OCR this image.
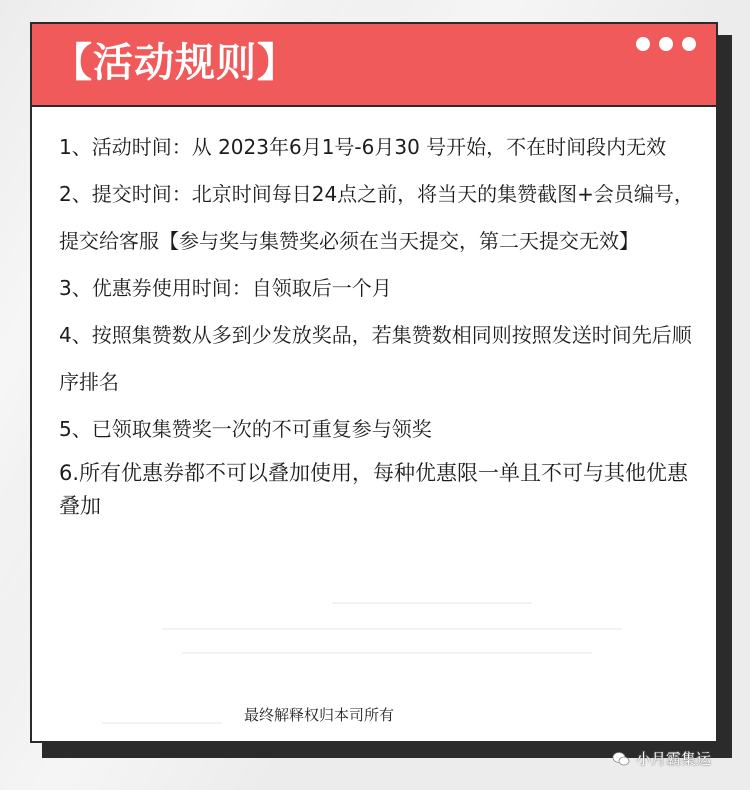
【活动规则】

1、活动时间：从 2023年6月1号-6月30 号开始，不在时间段内无效

2、提交时间：北京时间每日24点之前，将当天的集赞截图+会员编号，提交给客服【参与奖与集赞奖必须在当天提交，第二天提交无效】

3、优惠券使用时间：自领取后一个月

4、按照集赞数从多到少发放奖品，若集赞数相同则按照发送时间先后顺序排名

5、已领取集赞奖一次的不可重复参与领奖

6.所有优惠券都不可以叠加使用，每种优惠限一单且不可与其他优惠叠加

最终解释权归本司所有
小月霸集运
